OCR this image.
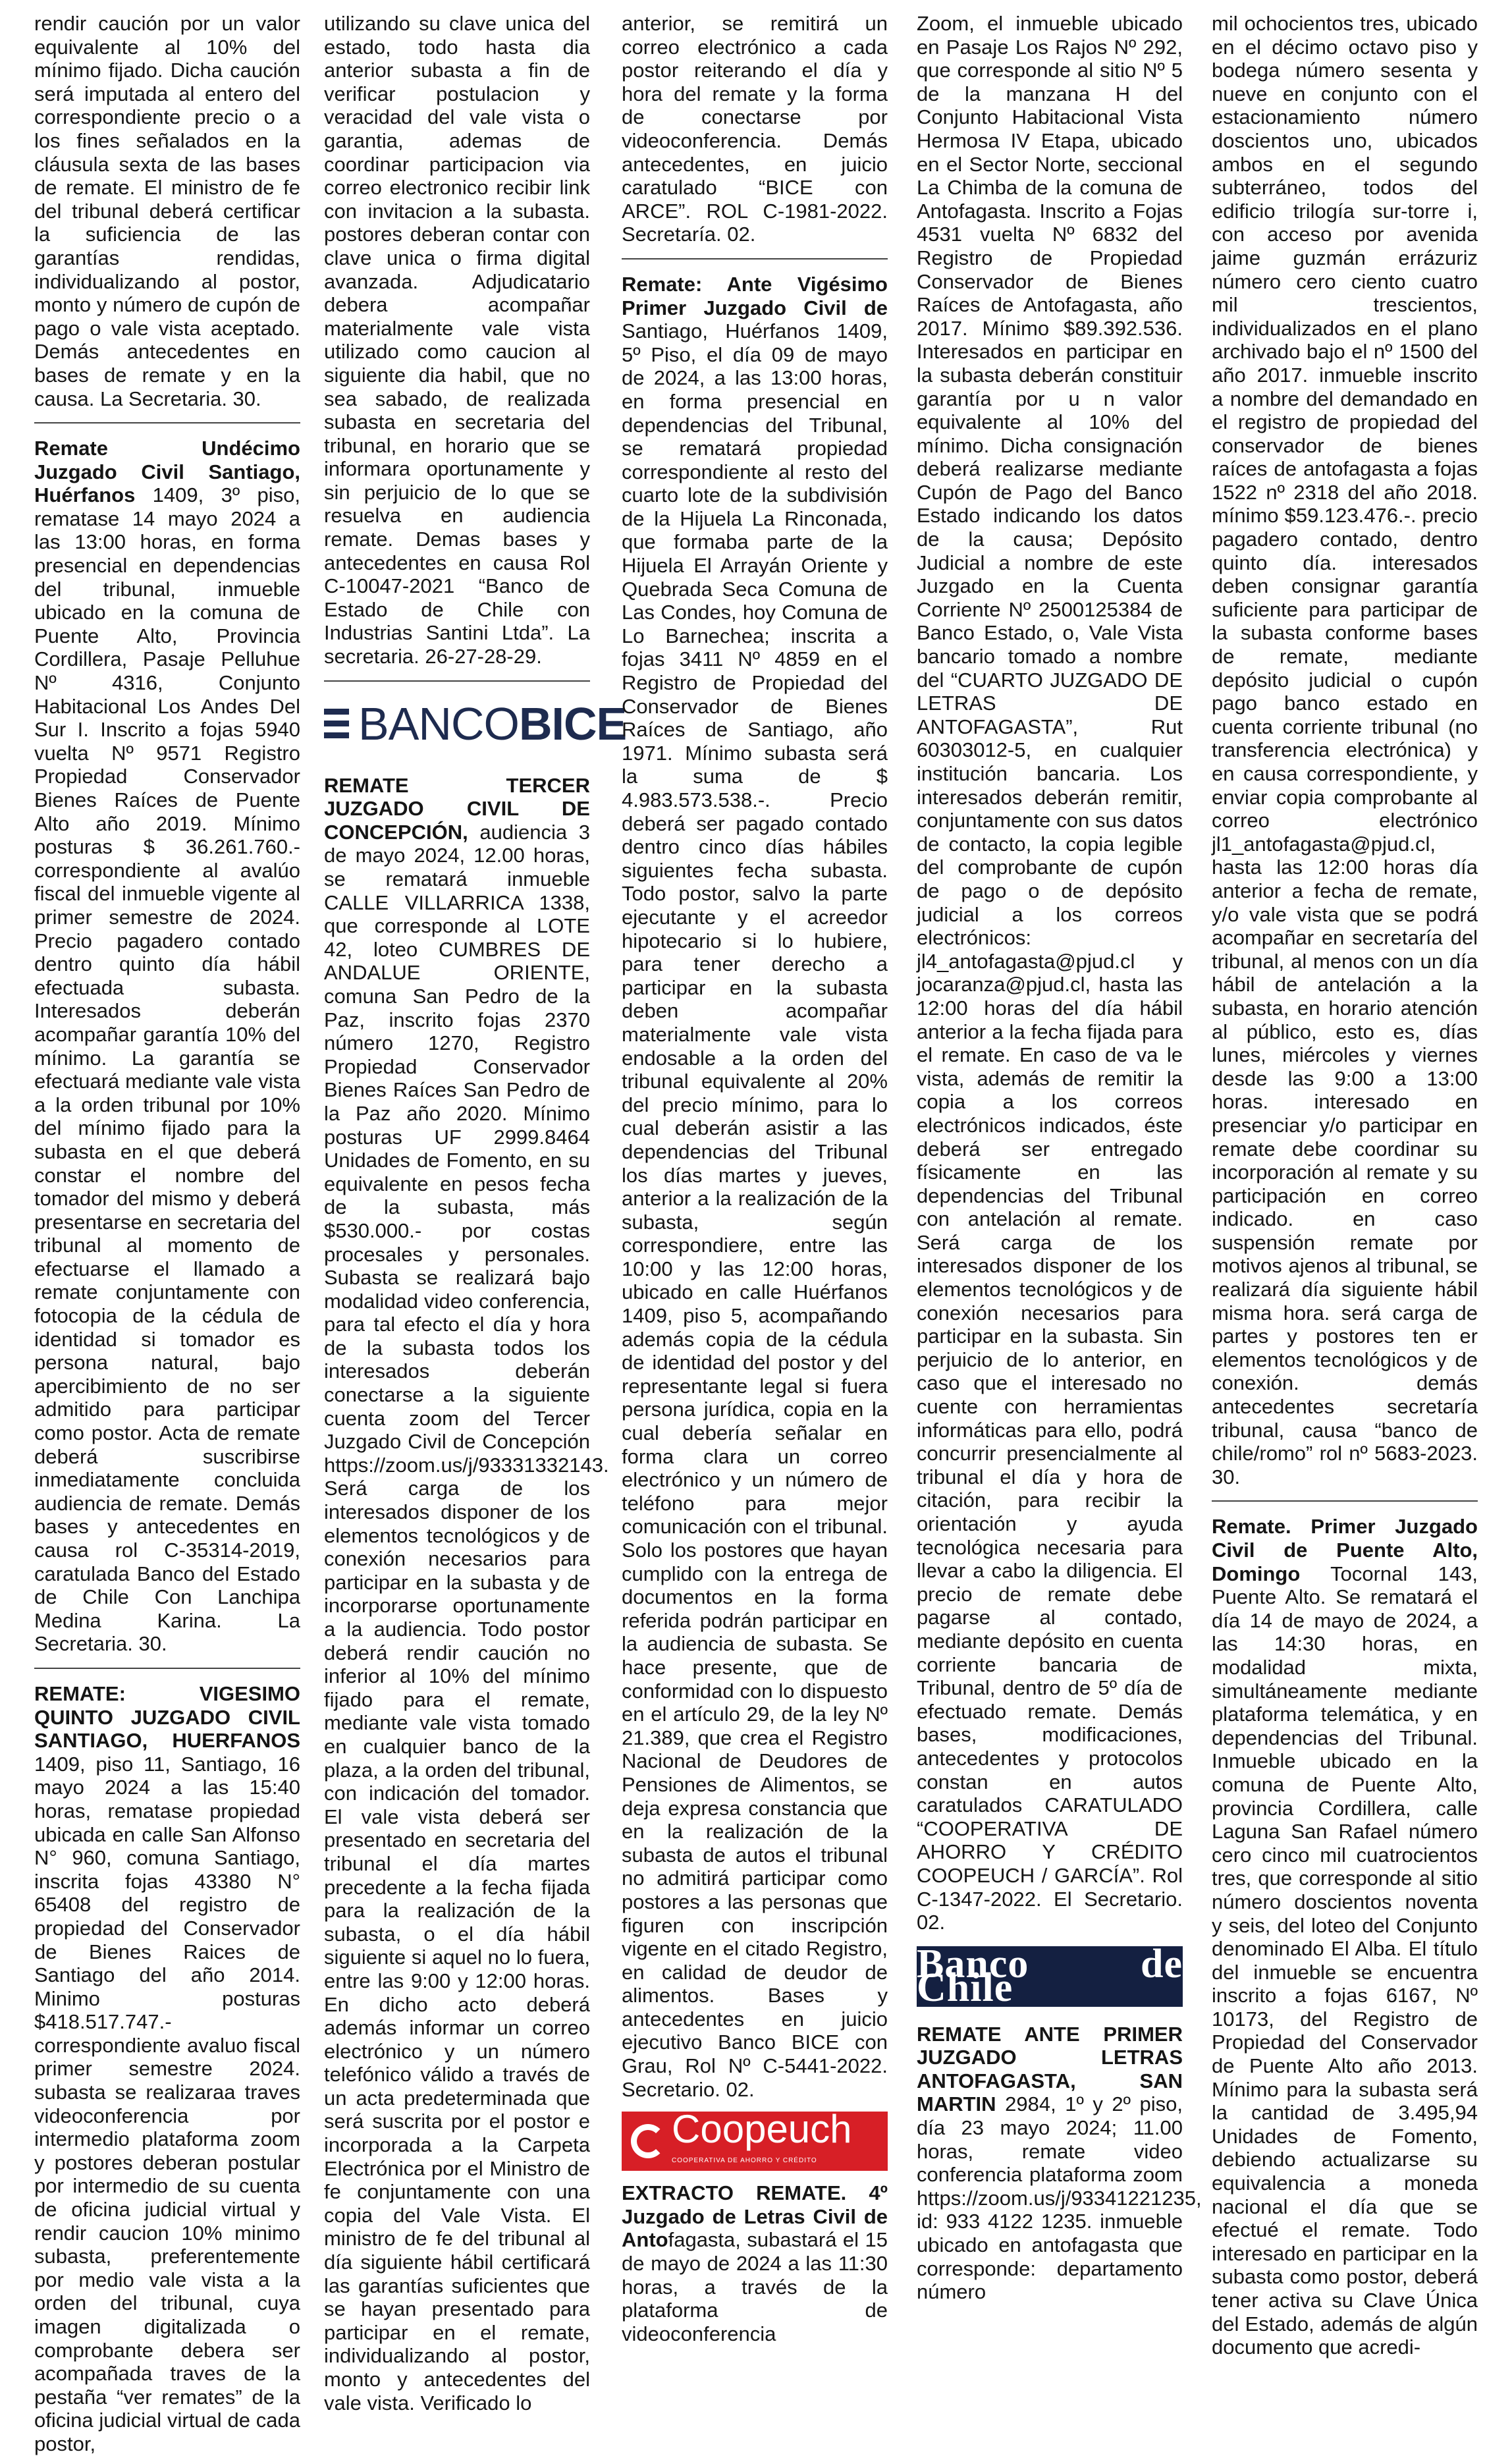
rendir caución por un valor equivalente al 10% del mínimo fijado. Dicha caución será imputada al entero del correspondiente precio o a los fines señalados en la cláusula sexta de las bases de remate. El ministro de fe del tribunal deberá certificar la suficiencia de las garantías rendidas, individualizando al postor, monto y número de cupón de pago o vale vista aceptado. Demás antecedentes en bases de remate y en la causa. La Secretaria. 30.

Remate Undécimo Juzgado Civil Santiago, Huérfanos 1409, 3º piso, rematase 14 mayo 2024 a las 13:00 horas, en forma presencial en dependencias del tribunal, inmueble ubicado en la comuna de Puente Alto, Provincia Cordillera, Pasaje Pelluhue Nº 4316, Conjunto Habitacional Los Andes Del Sur I. Inscrito a fojas 5940 vuelta Nº 9571 Registro Propiedad Conservador Bienes Raíces de Puente Alto año 2019. Mínimo posturas $ 36.261.760.- correspondiente al avalúo fiscal del inmueble vigente al primer semestre de 2024. Precio pagadero contado dentro quinto día hábil efectuada subasta. Interesados deberán acompañar garantía 10% del mínimo. La garantía se efectuará mediante vale vista a la orden tribunal por 10% del mínimo fijado para la subasta en el que deberá constar el nombre del tomador del mismo y deberá presentarse en secretaria del tribunal al momento de efectuarse el llamado a remate conjuntamente con fotocopia de la cédula de identidad si tomador es persona natural, bajo apercibimiento de no ser admitido para participar como postor. Acta de remate deberá suscribirse inmediatamente concluida audiencia de remate. Demás bases y antecedentes en causa rol C-35314-2019, caratulada Banco del Estado de Chile Con Lanchipa Medina Karina. La Secretaria. 30.

REMATE: VIGESIMO QUINTO JUZGADO CIVIL SANTIAGO, HUERFANOS 1409, piso 11, Santiago, 16 mayo 2024 a las 15:40 horas, rematase propiedad ubicada en calle San Alfonso N° 960, comuna Santiago, inscrita fojas 43380 N° 65408 del registro de propiedad del Conservador de Bienes Raices de Santiago del año 2014. Minimo posturas $418.517.747.- correspondiente avaluo fiscal primer semestre 2024. subasta se realizaraa traves videoconferencia por intermedio plataforma zoom y postores deberan postular por intermedio de su cuenta de oficina judicial virtual y rendir caucion 10% minimo subasta, preferentemente por medio vale vista a la orden del tribunal, cuya imagen digitalizada o comprobante debera ser acompañada traves de la pestaña “ver remates” de la oficina judicial virtual de cada postor,

utilizando su clave unica del estado, todo hasta dia anterior subasta a fin de verificar postulacion y veracidad del vale vista o garantia, ademas de coordinar participacion via correo electronico recibir link con invitacion a la subasta. postores deberan contar con clave unica o firma digital avanzada. Adjudicatario debera acompañar materialmente vale vista utilizado como caucion al siguiente dia habil, que no sea sabado, de realizada subasta en secretaria del tribunal, en horario que se informara oportunamente y sin perjuicio de lo que se resuelva en audiencia remate. Demas bases y antecedentes en causa Rol C-10047-2021 “Banco de Estado de Chile con Industrias Santini Ltda”. La secretaria. 26-27-28-29.

BANCOBICE

REMATE TERCER JUZGADO CIVIL DE CONCEPCIÓN, audiencia 3 de mayo 2024, 12.00 horas, se rematará inmueble CALLE VILLARRICA 1338, que corresponde al LOTE 42, loteo CUMBRES DE ANDALUE ORIENTE, comuna San Pedro de la Paz, inscrito fojas 2370 número 1270, Registro Propiedad Conservador Bienes Raíces San Pedro de la Paz año 2020. Mínimo posturas UF 2999.8464 Unidades de Fomento, en su equivalente en pesos fecha de la subasta, más $530.000.- por costas procesales y personales. Subasta se realizará bajo modalidad video conferencia, para tal efecto el día y hora de la subasta todos los interesados deberán conectarse a la siguiente cuenta zoom del Tercer Juzgado Civil de Concepción https://zoom.us/j/93331332143. Será carga de los interesados disponer de los elementos tecnológicos y de conexión necesarios para participar en la subasta y de incorporarse oportunamente a la audiencia. Todo postor deberá rendir caución no inferior al 10% del mínimo fijado para el remate, mediante vale vista tomado en cualquier banco de la plaza, a la orden del tribunal, con indicación del tomador. El vale vista deberá ser presentado en secretaria del tribunal el día martes precedente a la fecha fijada para la realización de la subasta, o el día hábil siguiente si aquel no lo fuera, entre las 9:00 y 12:00 horas. En dicho acto deberá además informar un correo electrónico y un número telefónico válido a través de un acta predeterminada que será suscrita por el postor e incorporada a la Carpeta Electrónica por el Ministro de fe conjuntamente con una copia del Vale Vista. El ministro de fe del tribunal al día siguiente hábil certificará las garantías suficientes que se hayan presentado para participar en el remate, individualizando al postor, monto y antecedentes del vale vista. Verificado lo

anterior, se remitirá un correo electrónico a cada postor reiterando el día y hora del remate y la forma de conectarse por videoconferencia. Demás antecedentes, en juicio caratulado “BICE con ARCE”. ROL C-1981-2022. Secretaría. 02.

Remate: Ante Vigésimo Primer Juzgado Civil de Santiago, Huérfanos 1409, 5º Piso, el día 09 de mayo de 2024, a las 13:00 horas, en forma presencial en dependencias del Tribunal, se rematará propiedad correspondiente al resto del cuarto lote de la subdivisión de la Hijuela La Rinconada, que formaba parte de la Hijuela El Arrayán Oriente y Quebrada Seca Comuna de Las Condes, hoy Comuna de Lo Barnechea; inscrita a fojas 3411 Nº 4859 en el Registro de Propiedad del Conservador de Bienes Raíces de Santiago, año 1971. Mínimo subasta será la suma de $ 4.983.573.538.-. Precio deberá ser pagado contado dentro cinco días hábiles siguientes fecha subasta. Todo postor, salvo la parte ejecutante y el acreedor hipotecario si lo hubiere, para tener derecho a participar en la subasta deben acompañar materialmente vale vista endosable a la orden del tribunal equivalente al 20% del precio mínimo, para lo cual deberán asistir a las dependencias del Tribunal los días martes y jueves, anterior a la realización de la subasta, según correspondiere, entre las 10:00 y las 12:00 horas, ubicado en calle Huérfanos 1409, piso 5, acompañando además copia de la cédula de identidad del postor y del representante legal si fuera persona jurídica, copia en la cual debería señalar en forma clara un correo electrónico y un número de teléfono para mejor comunicación con el tribunal. Solo los postores que hayan cumplido con la entrega de documentos en la forma referida podrán participar en la audiencia de subasta. Se hace presente, que de conformidad con lo dispuesto en el artículo 29, de la ley Nº 21.389, que crea el Registro Nacional de Deudores de Pensiones de Alimentos, se deja expresa constancia que en la realización de la subasta de autos el tribunal no admitirá participar como postores a las personas que figuren con inscripción vigente en el citado Registro, en calidad de deudor de alimentos. Bases y antecedentes en juicio ejecutivo Banco BICE con Grau, Rol Nº C-5441-2022. Secretario. 02.

Coopeuch
COOPERATIVA DE AHORRO Y CRÉDITO

EXTRACTO REMATE. 4º Juzgado de Letras Civil de Antofagasta, subastará el 15 de mayo de 2024 a las 11:30 horas, a través de la plataforma de videoconferencia

Zoom, el inmueble ubicado en Pasaje Los Rajos Nº 292, que corresponde al sitio Nº 5 de la manzana H del Conjunto Habitacional Vista Hermosa IV Etapa, ubicado en el Sector Norte, seccional La Chimba de la comuna de Antofagasta. Inscrito a Fojas 4531 vuelta Nº 6832 del Registro de Propiedad Conservador de Bienes Raíces de Antofagasta, año 2017. Mínimo $89.392.536. Interesados en participar en la subasta deberán constituir garantía por u n valor equivalente al 10% del mínimo. Dicha consignación deberá realizarse mediante Cupón de Pago del Banco Estado indicando los datos de la causa; Depósito Judicial a nombre de este Juzgado en la Cuenta Corriente Nº 2500125384 de Banco Estado, o, Vale Vista bancario tomado a nombre del “CUARTO JUZGADO DE LETRAS DE ANTOFAGASTA”, Rut 60303012-5, en cualquier institución bancaria. Los interesados deberán remitir, conjuntamente con sus datos de contacto, la copia legible del comprobante de cupón de pago o de depósito judicial a los correos electrónicos: jl4_antofagasta@pjud.cl y jocaranza@pjud.cl, hasta las 12:00 horas del día hábil anterior a la fecha fijada para el remate. En caso de va le vista, además de remitir la copia a los correos electrónicos indicados, éste deberá ser entregado físicamente en las dependencias del Tribunal con antelación al remate. Será carga de los interesados disponer de los elementos tecnológicos y de conexión necesarios para participar en la subasta. Sin perjuicio de lo anterior, en caso que el interesado no cuente con herramientas informáticas para ello, podrá concurrir presencialmente al tribunal el día y hora de citación, para recibir la orientación y ayuda tecnológica necesaria para llevar a cabo la diligencia. El precio de remate debe pagarse al contado, mediante depósito en cuenta corriente bancaria de Tribunal, dentro de 5º día de efectuado remate. Demás bases, modificaciones, antecedentes y protocolos constan en autos caratulados CARATULADO “COOPERATIVA DE AHORRO Y CRÉDITO COOPEUCH / GARCÍA”. Rol C-1347-2022. El Secretario. 02.

Banco de Chile

REMATE ANTE PRIMER JUZGADO LETRAS ANTOFAGASTA, SAN MARTIN 2984, 1º y 2º piso, día 23 mayo 2024; 11.00 horas, remate video conferencia plataforma zoom https://zoom.us/j/93341221235, id: 933 4122 1235. inmueble ubicado en antofagasta que corresponde: departamento número

mil ochocientos tres, ubicado en el décimo octavo piso y bodega número sesenta y nueve en conjunto con el estacionamiento número doscientos uno, ubicados ambos en el segundo subterráneo, todos del edificio trilogía sur-torre i, con acceso por avenida jaime guzmán errázuriz número cero ciento cuatro mil trescientos, individualizados en el plano archivado bajo el nº 1500 del año 2017. inmueble inscrito a nombre del demandado en el registro de propiedad del conservador de bienes raíces de antofagasta a fojas 1522 nº 2318 del año 2018. mínimo $59.123.476.-. precio pagadero contado, dentro quinto día. interesados deben consignar garantía suficiente para participar de la subasta conforme bases de remate, mediante depósito judicial o cupón pago banco estado en cuenta corriente tribunal (no transferencia electrónica) y en causa correspondiente, y enviar copia comprobante al correo electrónico jl1_antofagasta@pjud.cl, hasta las 12:00 horas día anterior a fecha de remate, y/o vale vista que se podrá acompañar en secretaría del tribunal, al menos con un día hábil de antelación a la subasta, en horario atención al público, esto es, días lunes, miércoles y viernes desde las 9:00 a 13:00 horas. interesado en presenciar y/o participar en remate debe coordinar su incorporación al remate y su participación en correo indicado. en caso suspensión remate por motivos ajenos al tribunal, se realizará día siguiente hábil misma hora. será carga de partes y postores ten er elementos tecnológicos y de conexión. demás antecedentes secretaría tribunal, causa “banco de chile/romo” rol nº 5683-2023. 30.

Remate. Primer Juzgado Civil de Puente Alto, Domingo Tocornal 143, Puente Alto. Se rematará el día 14 de mayo de 2024, a las 14:30 horas, en modalidad mixta, simultáneamente mediante plataforma telemática, y en dependencias del Tribunal. Inmueble ubicado en la comuna de Puente Alto, provincia Cordillera, calle Laguna San Rafael número cero cinco mil cuatrocientos tres, que corresponde al sitio número doscientos noventa y seis, del loteo del Conjunto denominado El Alba. El título del inmueble se encuentra inscrito a fojas 6167, Nº 10173, del Registro de Propiedad del Conservador de Puente Alto año 2013. Mínimo para la subasta será la cantidad de 3.495,94 Unidades de Fomento, debiendo actualizarse su equivalencia a moneda nacional el día que se efectué el remate. Todo interesado en participar en la subasta como postor, deberá tener activa su Clave Única del Estado, además de algún documento que acredi-
